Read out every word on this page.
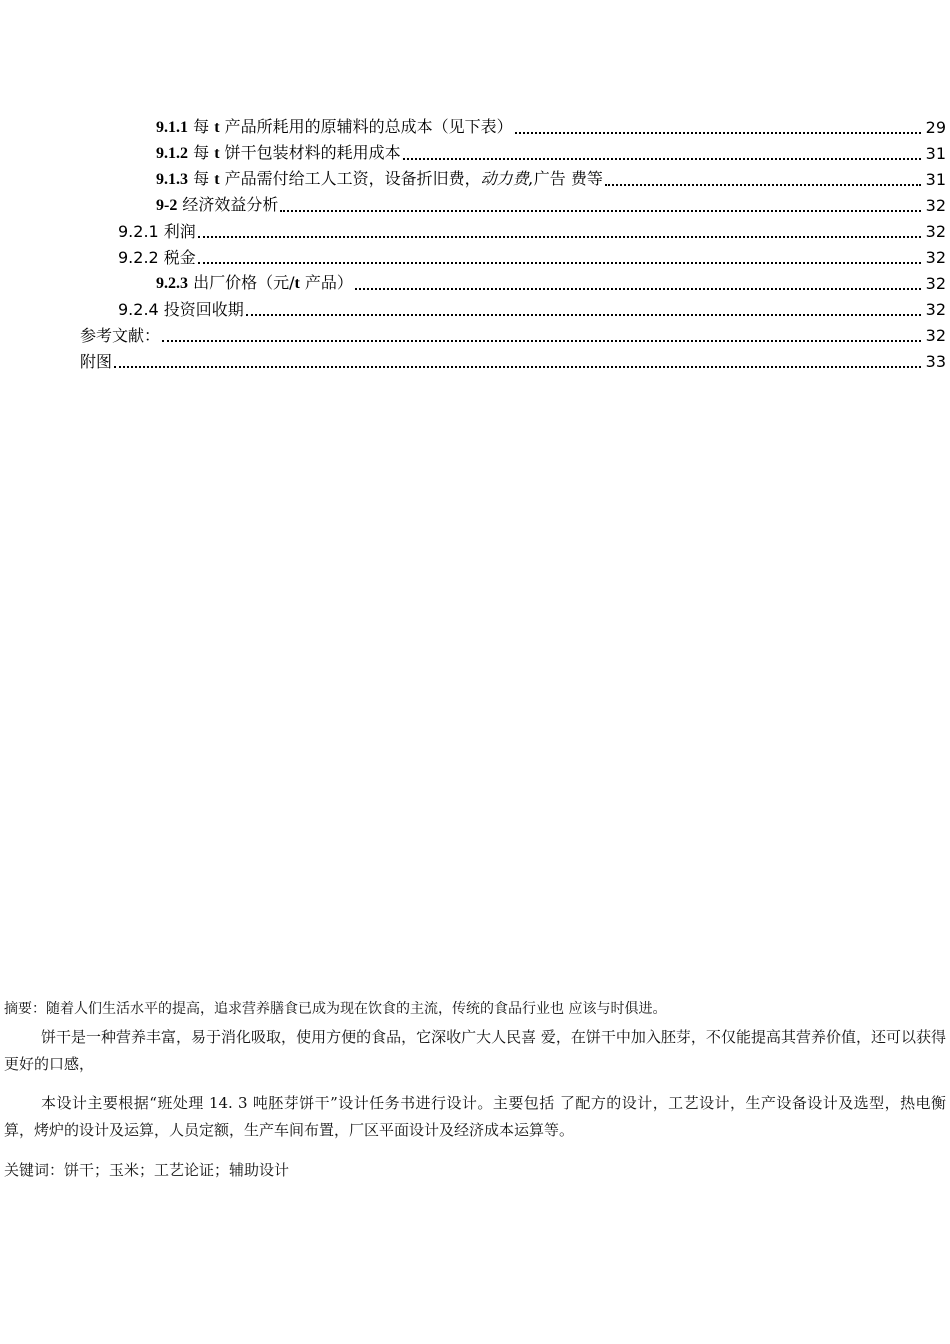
9.1.1 每 t 产品所耗用的原辅料的总成本（见下表）	29
9.1.2 每 t 饼干包装材料的耗用成本	31
9.1.3 每 t 产品需付给工人工资，设备折旧费，动力费,广告 费等	31
9-2 经济效益分析	32
9.2.1 利润	32
9.2.2 税金	32
9.2.3 出厂价格（元/t 产品）	32
9.2.4 投资回收期	32
参考文献：	32
附图	33

摘要：随着人们生活水平的提高，追求营养膳食已成为现在饮食的主流，传统的食品行业也 应该与时俱进。

饼干是一种营养丰富，易于消化吸取，使用方便的食品，它深收广大人民喜 爱，在饼干中加入胚芽，不仅能提高其营养价值，还可以获得更好的口感，

本设计主要根据“班处理 14. 3 吨胚芽饼干”设计任务书进行设计。主要包括 了配方的设计，工艺设计，生产设备设计及选型，热电衡算，烤炉的设计及运算，人员定额，生产车间布置，厂区平面设计及经济成本运算等。

关键词：饼干；玉米；工艺论证；辅助设计
